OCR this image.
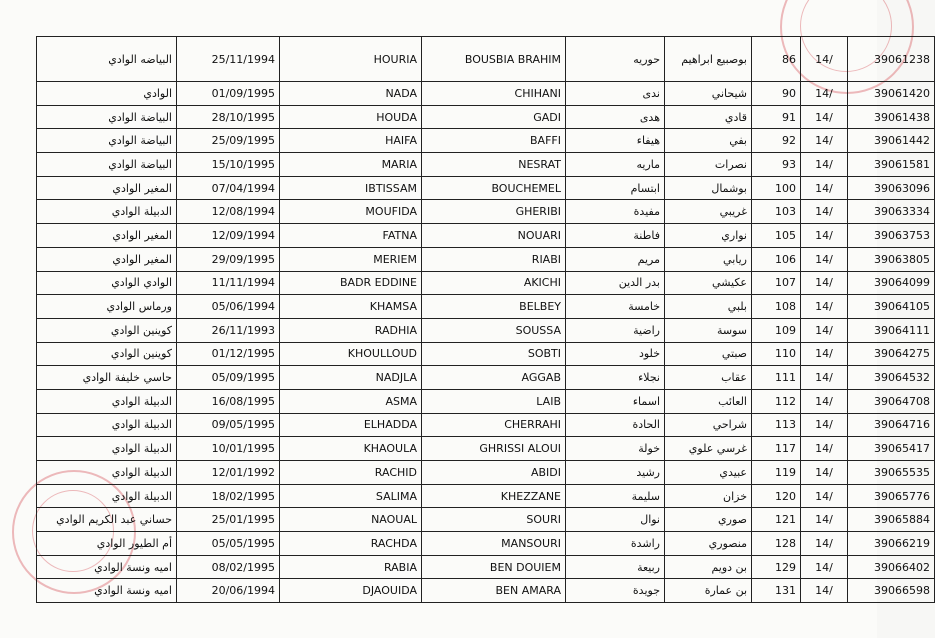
البياضه الوادي	25/11/1994	HOURIA	BOUSBIA BRAHIM	حوريه	بوصبيع ابراهيم	86	14/	39061238
الوادي	01/09/1995	NADA	CHIHANI	ندى	شيحاني	90	14/	39061420
البياضة الوادي	28/10/1995	HOUDA	GADI	هدى	قادي	91	14/	39061438
البياضة الوادي	25/09/1995	HAIFA	BAFFI	هيفاء	بفي	92	14/	39061442
البياضة الوادي	15/10/1995	MARIA	NESRAT	ماريه	نصرات	93	14/	39061581
المغير الوادي	07/04/1994	IBTISSAM	BOUCHEMEL	ابتسام	بوشمال	100	14/	39063096
الدبيلة الوادي	12/08/1994	MOUFIDA	GHERIBI	مفيدة	غريبي	103	14/	39063334
المغير الوادي	12/09/1994	FATNA	NOUARI	فاطنة	نواري	105	14/	39063753
المغير الوادي	29/09/1995	MERIEM	RIABI	مريم	ريابي	106	14/	39063805
الوادي الوادي	11/11/1994	BADR EDDINE	AKICHI	بدر الدين	عكيشي	107	14/	39064099
ورماس الوادي	05/06/1994	KHAMSA	BELBEY	خامسة	بلبي	108	14/	39064105
كوينين الوادي	26/11/1993	RADHIA	SOUSSA	راضية	سوسة	109	14/	39064111
كوينين الوادي	01/12/1995	KHOULLOUD	SOBTI	خلود	صبتي	110	14/	39064275
حاسي خليفة الوادي	05/09/1995	NADJLA	AGGAB	نجلاء	عقاب	111	14/	39064532
الدبيلة الوادي	16/08/1995	ASMA	LAIB	اسماء	العائب	112	14/	39064708
الدبيلة الوادي	09/05/1995	ELHADDA	CHERRAHI	الحادة	شراحي	113	14/	39064716
الدبيلة الوادي	10/01/1995	KHAOULA	GHRISSI ALOUI	خولة	غرسي علوي	117	14/	39065417
الدبيلة الوادي	12/01/1992	RACHID	ABIDI	رشيد	عبيدي	119	14/	39065535
الدبيلة الوادي	18/02/1995	SALIMA	KHEZZANE	سليمة	خزان	120	14/	39065776
حساني عبد الكريم الوادي	25/01/1995	NAOUAL	SOURI	نوال	صوري	121	14/	39065884
أم الطيور الوادي	05/05/1995	RACHDA	MANSOURI	راشدة	منصوري	128	14/	39066219
اميه ونسة الوادي	08/02/1995	RABIA	BEN DOUIEM	ربيعة	بن دويم	129	14/	39066402
اميه ونسة الوادي	20/06/1994	DJAOUIDA	BEN AMARA	جويدة	بن عمارة	131	14/	39066598
